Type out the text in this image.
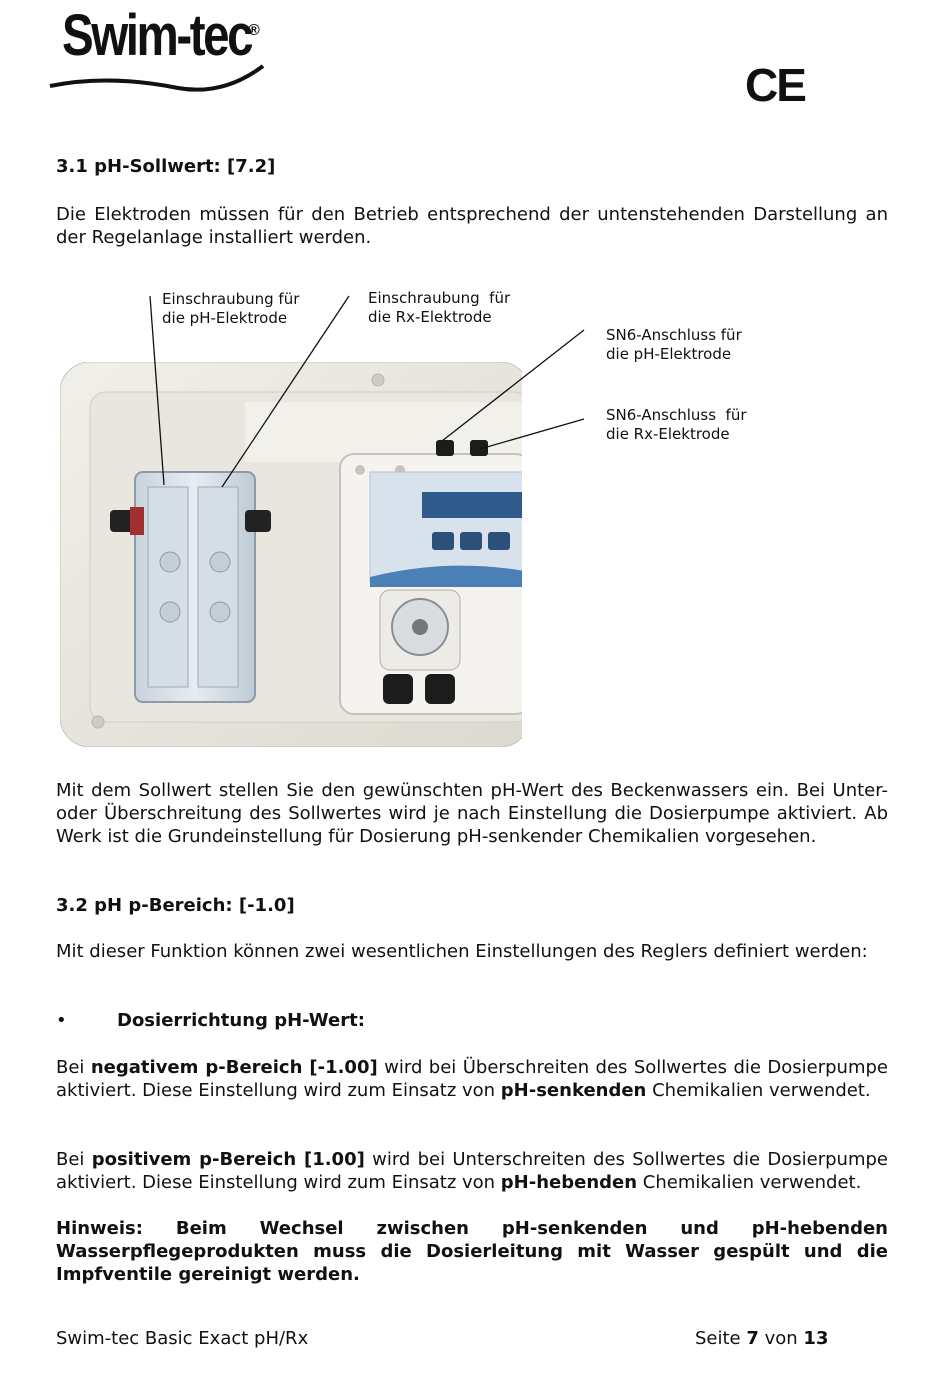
Swim-tec
®
CE
3.1 pH-Sollwert: [7.2]
Die Elektroden müssen für den Betrieb entsprechend der untenstehenden Darstellung an der Regelanlage installiert werden.
Einschraubung für
die pH-Elektrode
Einschraubung  für
die Rx-Elektrode
SN6-Anschluss für
die pH-Elektrode
SN6-Anschluss  für
die Rx-Elektrode
Mit dem Sollwert stellen Sie den gewünschten pH-Wert des Beckenwassers ein. Bei Unter- oder Überschreitung des Sollwertes wird je nach Einstellung die Dosierpumpe aktiviert. Ab Werk ist die Grundeinstellung für Dosierung pH-senkender Chemikalien vorgesehen.
3.2 pH p-Bereich: [-1.0]
Mit dieser Funktion können zwei wesentlichen Einstellungen des Reglers definiert werden:
•	Dosierrichtung pH-Wert:
Bei negativem p-Bereich [-1.00] wird bei Überschreiten des Sollwertes die Dosierpumpe aktiviert. Diese Einstellung wird zum Einsatz von pH-senkenden Chemikalien verwendet.
Bei positivem p-Bereich [1.00] wird bei Unterschreiten des Sollwertes die Dosierpumpe aktiviert. Diese Einstellung wird zum Einsatz von pH-hebenden Chemikalien verwendet.
Hinweis: Beim Wechsel zwischen pH-senkenden und pH-hebenden Wasserpflegeprodukten muss die Dosierleitung mit Wasser gespült und die Impfventile gereinigt werden.
Swim-tec Basic Exact pH/Rx	Seite 7 von 13
